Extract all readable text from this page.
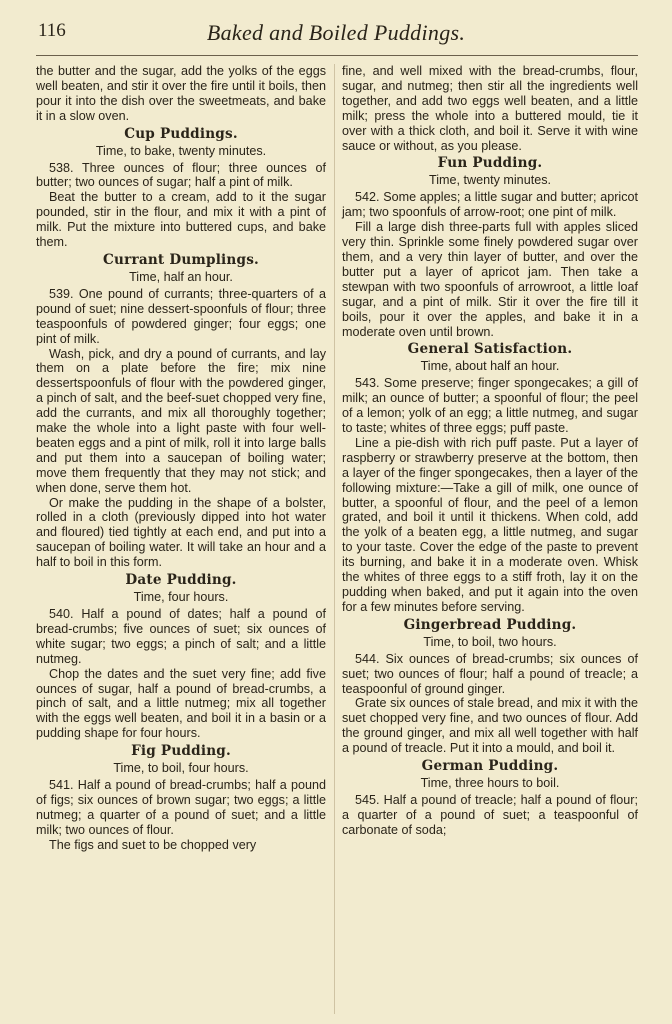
116	Baked and Boiled Puddings.

the butter and the sugar, add the yolks of the eggs well beaten, and stir it over the fire until it boils, then pour it into the dish over the sweetmeats, and bake it in a slow oven.

Cup Puddings.

Time, to bake, twenty minutes.

538. Three ounces of flour; three ounces of butter; two ounces of sugar; half a pint of milk.

Beat the butter to a cream, add to it the sugar pounded, stir in the flour, and mix it with a pint of milk. Put the mixture into buttered cups, and bake them.

Currant Dumplings.

Time, half an hour.

539. One pound of currants; three-quarters of a pound of suet; nine dessert-spoonfuls of flour; three teaspoonfuls of powdered ginger; four eggs; one pint of milk.

Wash, pick, and dry a pound of currants, and lay them on a plate before the fire; mix nine dessertspoonfuls of flour with the powdered ginger, a pinch of salt, and the beef-suet chopped very fine, add the currants, and mix all thoroughly together; make the whole into a light paste with four well-beaten eggs and a pint of milk, roll it into large balls and put them into a saucepan of boiling water; move them frequently that they may not stick; and when done, serve them hot.

Or make the pudding in the shape of a bolster, rolled in a cloth (previously dipped into hot water and floured) tied tightly at each end, and put into a saucepan of boiling water. It will take an hour and a half to boil in this form.

Date Pudding.

Time, four hours.

540. Half a pound of dates; half a pound of bread-crumbs; five ounces of suet; six ounces of white sugar; two eggs; a pinch of salt; and a little nutmeg.

Chop the dates and the suet very fine; add five ounces of sugar, half a pound of bread-crumbs, a pinch of salt, and a little nutmeg; mix all together with the eggs well beaten, and boil it in a basin or a pudding shape for four hours.

Fig Pudding.

Time, to boil, four hours.

541. Half a pound of bread-crumbs; half a pound of figs; six ounces of brown sugar; two eggs; a little nutmeg; a quarter of a pound of suet; and a little milk; two ounces of flour.

The figs and suet to be chopped very

fine, and well mixed with the bread-crumbs, flour, sugar, and nutmeg; then stir all the ingredients well together, and add two eggs well beaten, and a little milk; press the whole into a buttered mould, tie it over with a thick cloth, and boil it. Serve it with wine sauce or without, as you please.

Fun Pudding.

Time, twenty minutes.

542. Some apples; a little sugar and butter; apricot jam; two spoonfuls of arrow-root; one pint of milk.

Fill a large dish three-parts full with apples sliced very thin. Sprinkle some finely powdered sugar over them, and a very thin layer of butter, and over the butter put a layer of apricot jam. Then take a stewpan with two spoonfuls of arrowroot, a little loaf sugar, and a pint of milk. Stir it over the fire till it boils, pour it over the apples, and bake it in a moderate oven until brown.

General Satisfaction.

Time, about half an hour.

543. Some preserve; finger spongecakes; a gill of milk; an ounce of butter; a spoonful of flour; the peel of a lemon; yolk of an egg; a little nutmeg, and sugar to taste; whites of three eggs; puff paste.

Line a pie-dish with rich puff paste. Put a layer of raspberry or strawberry preserve at the bottom, then a layer of the finger spongecakes, then a layer of the following mixture:—Take a gill of milk, one ounce of butter, a spoonful of flour, and the peel of a lemon grated, and boil it until it thickens. When cold, add the yolk of a beaten egg, a little nutmeg, and sugar to your taste. Cover the edge of the paste to prevent its burning, and bake it in a moderate oven. Whisk the whites of three eggs to a stiff froth, lay it on the pudding when baked, and put it again into the oven for a few minutes before serving.

Gingerbread Pudding.

Time, to boil, two hours.

544. Six ounces of bread-crumbs; six ounces of suet; two ounces of flour; half a pound of treacle; a teaspoonful of ground ginger.

Grate six ounces of stale bread, and mix it with the suet chopped very fine, and two ounces of flour. Add the ground ginger, and mix all well together with half a pound of treacle. Put it into a mould, and boil it.

German Pudding.

Time, three hours to boil.

545. Half a pound of treacle; half a pound of flour; a quarter of a pound of suet; a teaspoonful of carbonate of soda;
